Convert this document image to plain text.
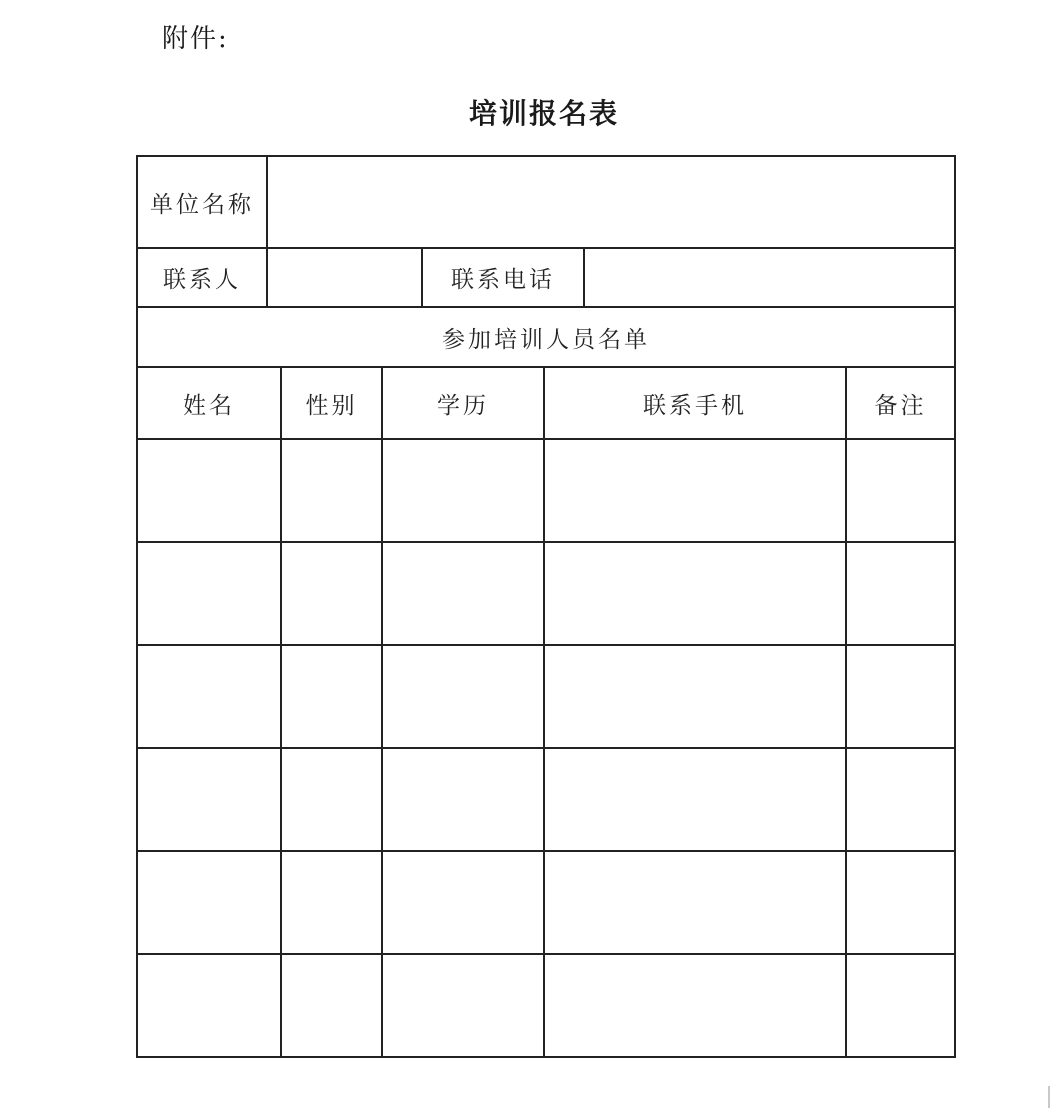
附件:
培训报名表
单位名称							
联系人				联系电话			
参加培训人员名单							
姓名		性别	学历		联系手机		备注
